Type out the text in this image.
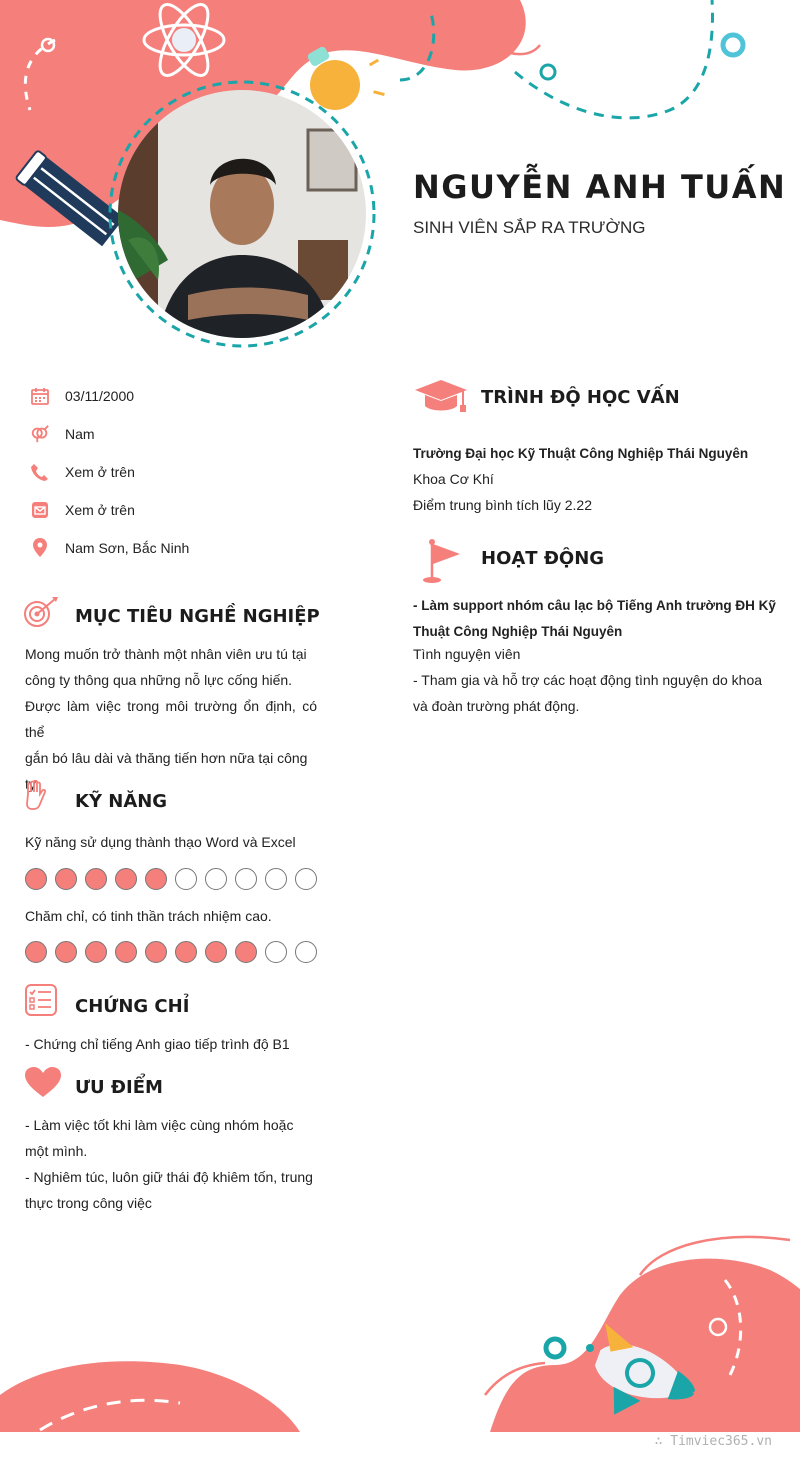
NGUYỄN ANH TUẤN
SINH VIÊN SẮP RA TRƯỜNG
03/11/2000
Nam
Xem ở trên
Xem ở trên
Nam Sơn, Bắc Ninh
MỤC TIÊU NGHỀ NGHIỆP
Mong muốn trở thành một nhân viên ưu tú tại
công ty thông qua những nỗ lực cống hiến.
Được làm việc trong môi trường ổn định, có thể
gắn bó lâu dài và thăng tiến hơn nữa tại công
ty
KỸ NĂNG
Kỹ năng sử dụng thành thạo Word và Excel
Chăm chỉ, có tinh thần trách nhiệm cao.
CHỨNG CHỈ
- Chứng chỉ tiếng Anh giao tiếp trình độ B1
ƯU ĐIỂM
- Làm việc tốt khi làm việc cùng nhóm hoặc
một mình.
- Nghiêm túc, luôn giữ thái độ khiêm tốn, trung
thực trong công việc
TRÌNH ĐỘ HỌC VẤN
Trường Đại học Kỹ Thuật Công Nghiệp Thái Nguyên
Khoa Cơ Khí
Điểm trung bình tích lũy 2.22
HOẠT ĐỘNG
- Làm support nhóm câu lạc bộ Tiếng Anh trường ĐH Kỹ
Thuật Công Nghiệp Thái Nguyên
Tình nguyện viên
- Tham gia và hỗ trợ các hoạt động tình nguyện do khoa
và đoàn trường phát động.
∴ Timviec365.vn
